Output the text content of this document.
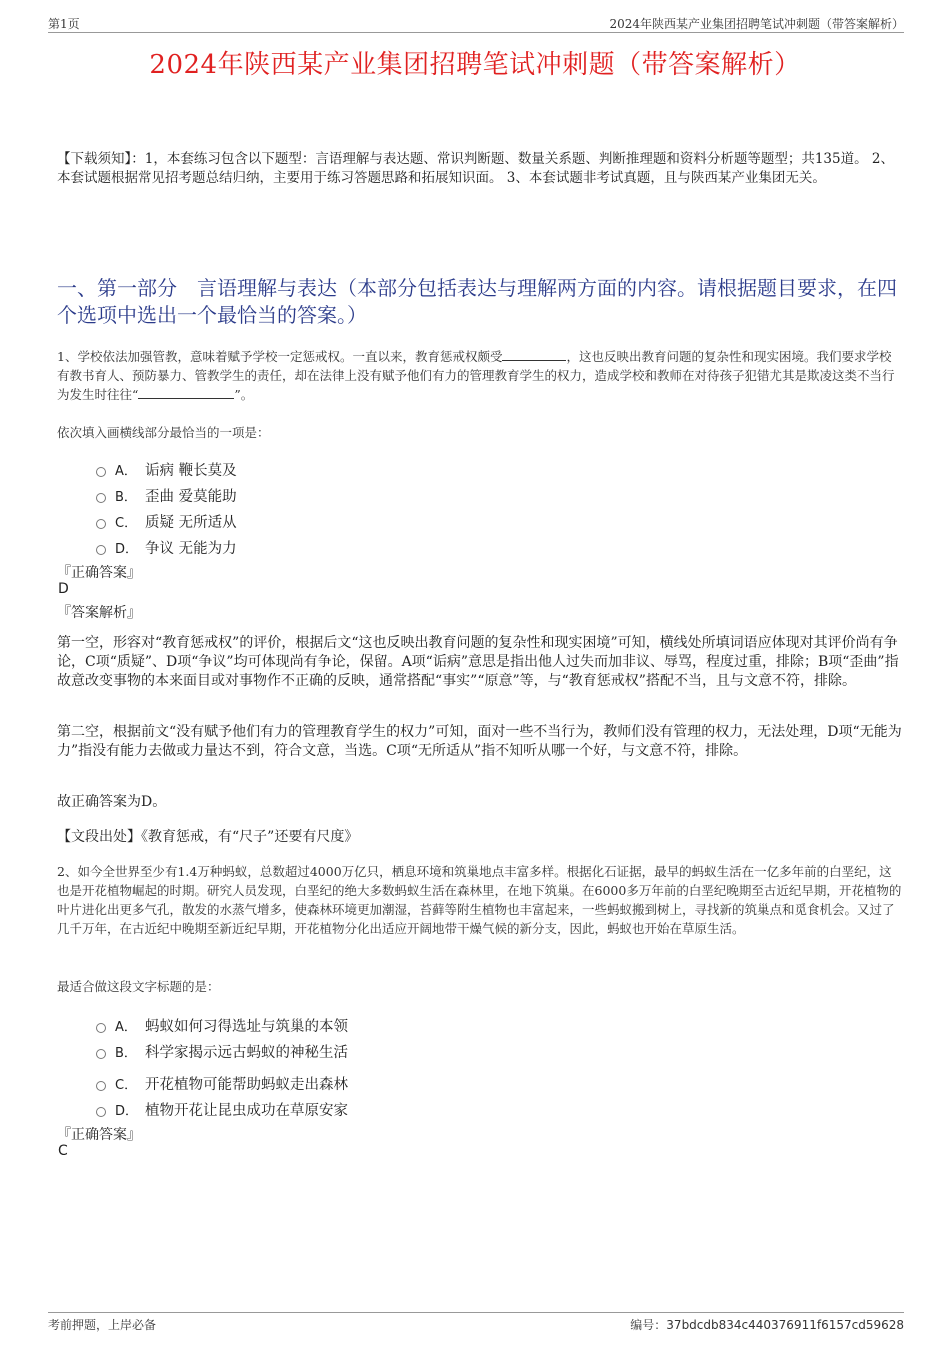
第1页	2024年陕西某产业集团招聘笔试冲刺题（带答案解析）
2024年陕西某产业集团招聘笔试冲刺题（带答案解析）
【下载须知】：1，本套练习包含以下题型：言语理解与表达题、常识判断题、数量关系题、判断推理题和资料分析题等题型；共135道。 2、本套试题根据常见招考题总结归纳，主要用于练习答题思路和拓展知识面。 3、本套试题非考试真题，且与陕西某产业集团无关。
一、第一部分　言语理解与表达（本部分包括表达与理解两方面的内容。请根据题目要求，在四个选项中选出一个最恰当的答案。）
1、学校依法加强管教，意味着赋予学校一定惩戒权。一直以来，教育惩戒权颇受	，这也反映出教育问题的复杂性和现实困境。我们要求学校有教书育人、预防暴力、管教学生的责任，却在法律上没有赋予他们有力的管理教育学生的权力，造成学校和教师在对待孩子犯错尤其是欺凌这类不当行为发生时往往“	”。
依次填入画横线部分最恰当的一项是：
A． 诟病 鞭长莫及
B． 歪曲 爱莫能助
C． 质疑 无所适从
D． 争议 无能为力
『正确答案』
D
『答案解析』
第一空，形容对“教育惩戒权”的评价，根据后文“这也反映出教育问题的复杂性和现实困境”可知，横线处所填词语应体现对其评价尚有争论，C项“质疑”、D项“争议”均可体现尚有争论，保留。A项“诟病”意思是指出他人过失而加非议、辱骂，程度过重，排除；B项“歪曲”指故意改变事物的本来面目或对事物作不正确的反映，通常搭配“事实”“原意”等，与“教育惩戒权”搭配不当，且与文意不符，排除。
第二空，根据前文“没有赋予他们有力的管理教育学生的权力”可知，面对一些不当行为，教师们没有管理的权力，无法处理，D项“无能为力”指没有能力去做或力量达不到，符合文意，当选。C项“无所适从”指不知听从哪一个好，与文意不符，排除。
故正确答案为D。
【文段出处】《教育惩戒，有“尺子”还要有尺度》
2、如今全世界至少有1.4万种蚂蚁，总数超过4000万亿只，栖息环境和筑巢地点丰富多样。根据化石证据，最早的蚂蚁生活在一亿多年前的白垩纪，这也是开花植物崛起的时期。研究人员发现，白垩纪的绝大多数蚂蚁生活在森林里，在地下筑巢。在6000多万年前的白垩纪晚期至古近纪早期，开花植物的叶片进化出更多气孔，散发的水蒸气增多，使森林环境更加潮湿，苔藓等附生植物也丰富起来，一些蚂蚁搬到树上，寻找新的筑巢点和觅食机会。又过了几千万年，在古近纪中晚期至新近纪早期，开花植物分化出适应开阔地带干燥气候的新分支，因此，蚂蚁也开始在草原生活。
最适合做这段文字标题的是：
A． 蚂蚁如何习得选址与筑巢的本领
B． 科学家揭示远古蚂蚁的神秘生活
C． 开花植物可能帮助蚂蚁走出森林
D． 植物开花让昆虫成功在草原安家
『正确答案』
C
考前押题，上岸必备	编号：37bdcdb834c440376911f6157cd59628
